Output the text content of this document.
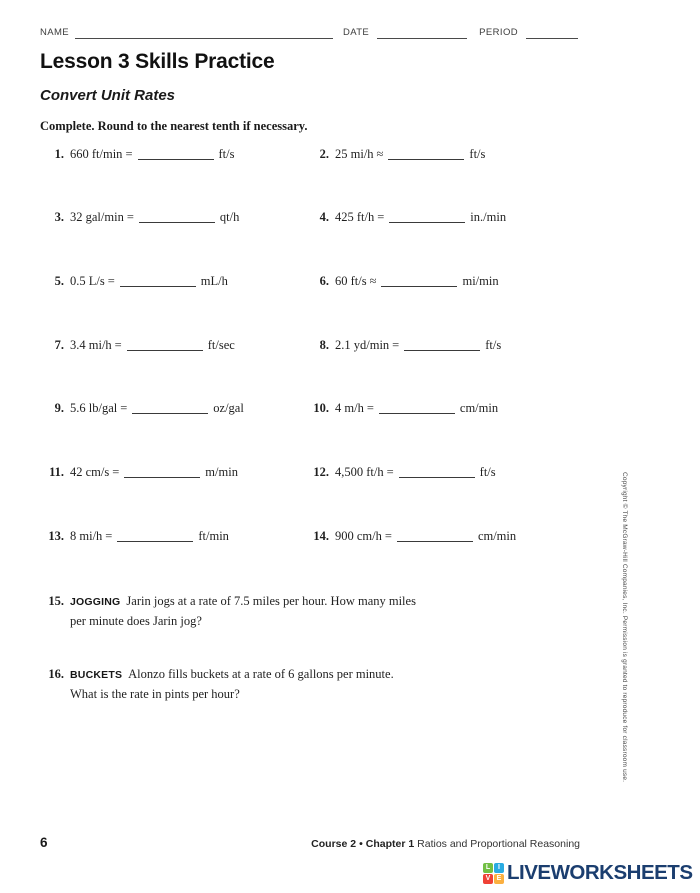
NAME	DATE	PERIOD
Lesson 3 Skills Practice
Convert Unit Rates
Complete. Round to the nearest tenth if necessary.
1. 660 ft/min =	ft/s	2. 25 mi/h ≈	ft/s
3. 32 gal/min =	qt/h	4. 425 ft/h =	in./min
5. 0.5 L/s =	mL/h	6. 60 ft/s ≈	mi/min
7. 3.4 mi/h =	ft/sec	8. 2.1 yd/min =	ft/s
9. 5.6 lb/gal =	oz/gal	10. 4 m/h =	cm/min
11. 42 cm/s =	m/min	12. 4,500 ft/h =	ft/s
13. 8 mi/h =	ft/min	14. 900 cm/h =	cm/min
15. JOGGING Jarin jogs at a rate of 7.5 miles per hour. How many miles
per minute does Jarin jog?
16. BUCKETS Alonzo fills buckets at a rate of 6 gallons per minute.
What is the rate in pints per hour?	Copyright © The McGraw-Hill Companies, Inc. Permission is granted to reproduce for classroom use.
6	Course 2 • Chapter 1 Ratios and Proportional Reasoning
L	I
V E LIVEWORKSHEETS
